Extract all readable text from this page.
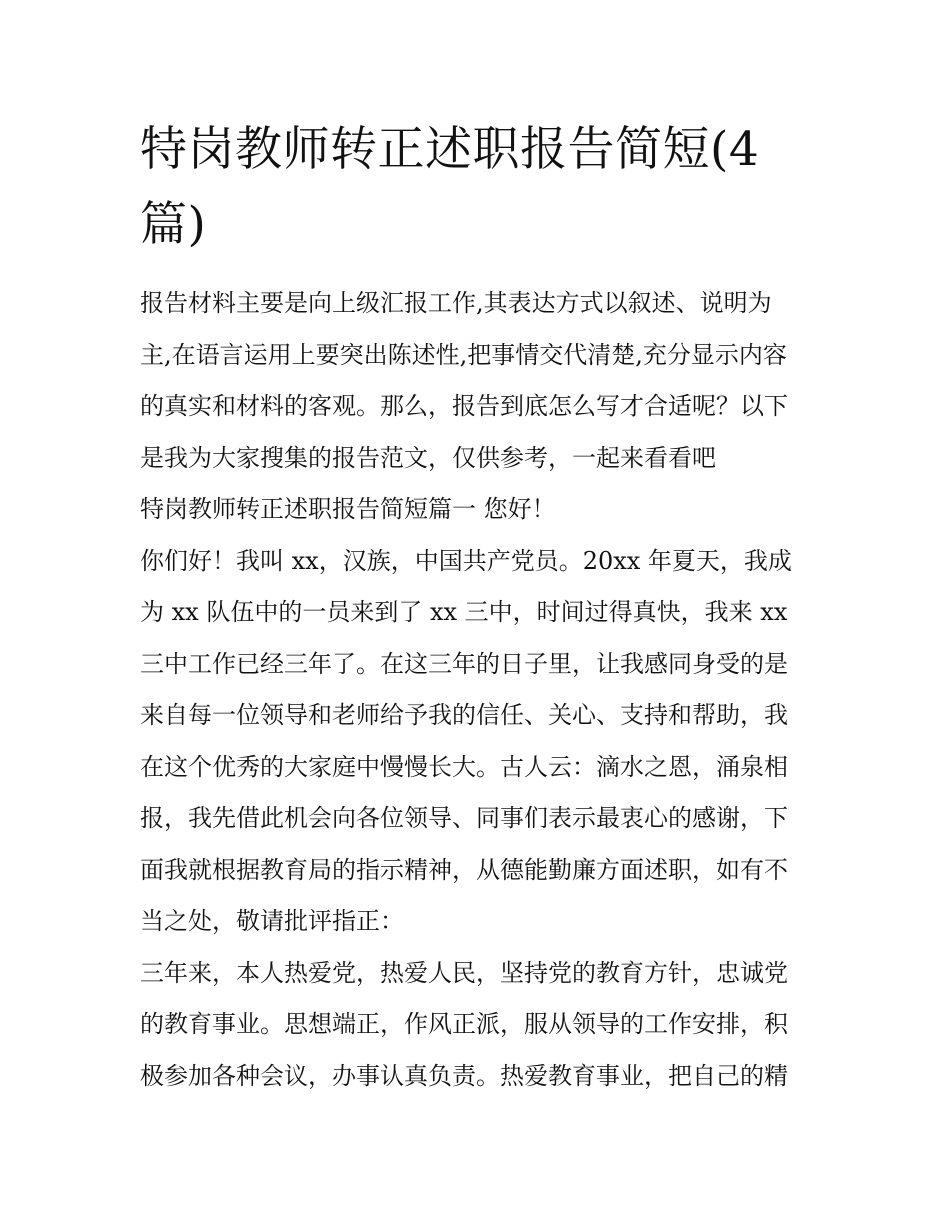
特岗教师转正述职报告简短(4
篇)
报告材料主要是向上级汇报工作,其表达方式以叙述、说明为
主,在语言运用上要突出陈述性,把事情交代清楚,充分显示内容
的真实和材料的客观。那么，报告到底怎么写才合适呢？以下
是我为大家搜集的报告范文，仅供参考，一起来看看吧
特岗教师转正述职报告简短篇一 您好！
你们好！我叫 xx，汉族，中国共产党员。20xx 年夏天，我成
为 xx 队伍中的一员来到了 xx 三中，时间过得真快，我来 xx
三中工作已经三年了。在这三年的日子里，让我感同身受的是
来自每一位领导和老师给予我的信任、关心、支持和帮助，我
在这个优秀的大家庭中慢慢长大。古人云：滴水之恩，涌泉相
报，我先借此机会向各位领导、同事们表示最衷心的感谢，下
面我就根据教育局的指示精神，从德能勤廉方面述职，如有不
当之处，敬请批评指正：
三年来，本人热爱党，热爱人民，坚持党的教育方针，忠诚党
的教育事业。思想端正，作风正派，服从领导的工作安排，积
极参加各种会议，办事认真负责。热爱教育事业，把自己的精
